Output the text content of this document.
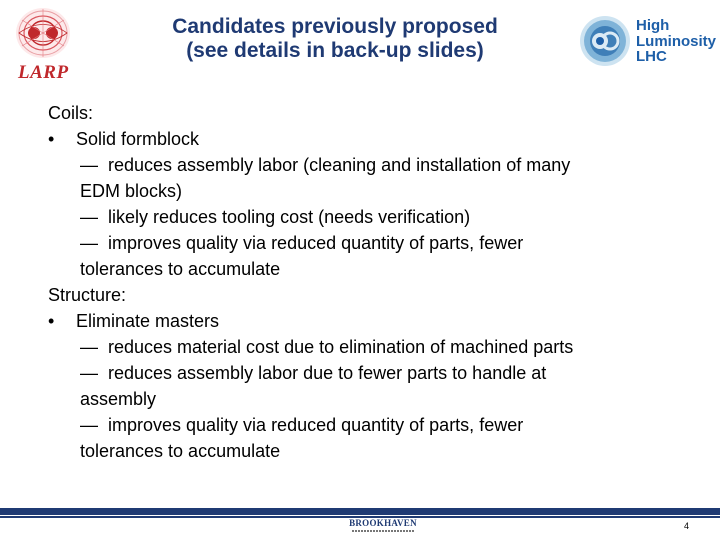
LARP
Candidates previously proposed
(see details in back-up slides)
High
Luminosity
LHC
Coils:
• Solid formblock
— reduces assembly labor (cleaning and installation of many
EDM blocks)
— likely reduces tooling cost (needs verification)
— improves quality via reduced quantity of parts, fewer
tolerances to accumulate
Structure:
• Eliminate masters
— reduces material cost due to elimination of machined parts
— reduces assembly labor due to fewer parts to handle at
assembly
— improves quality via reduced quantity of parts, fewer
tolerances to accumulate
BROOKHAVEN	4
